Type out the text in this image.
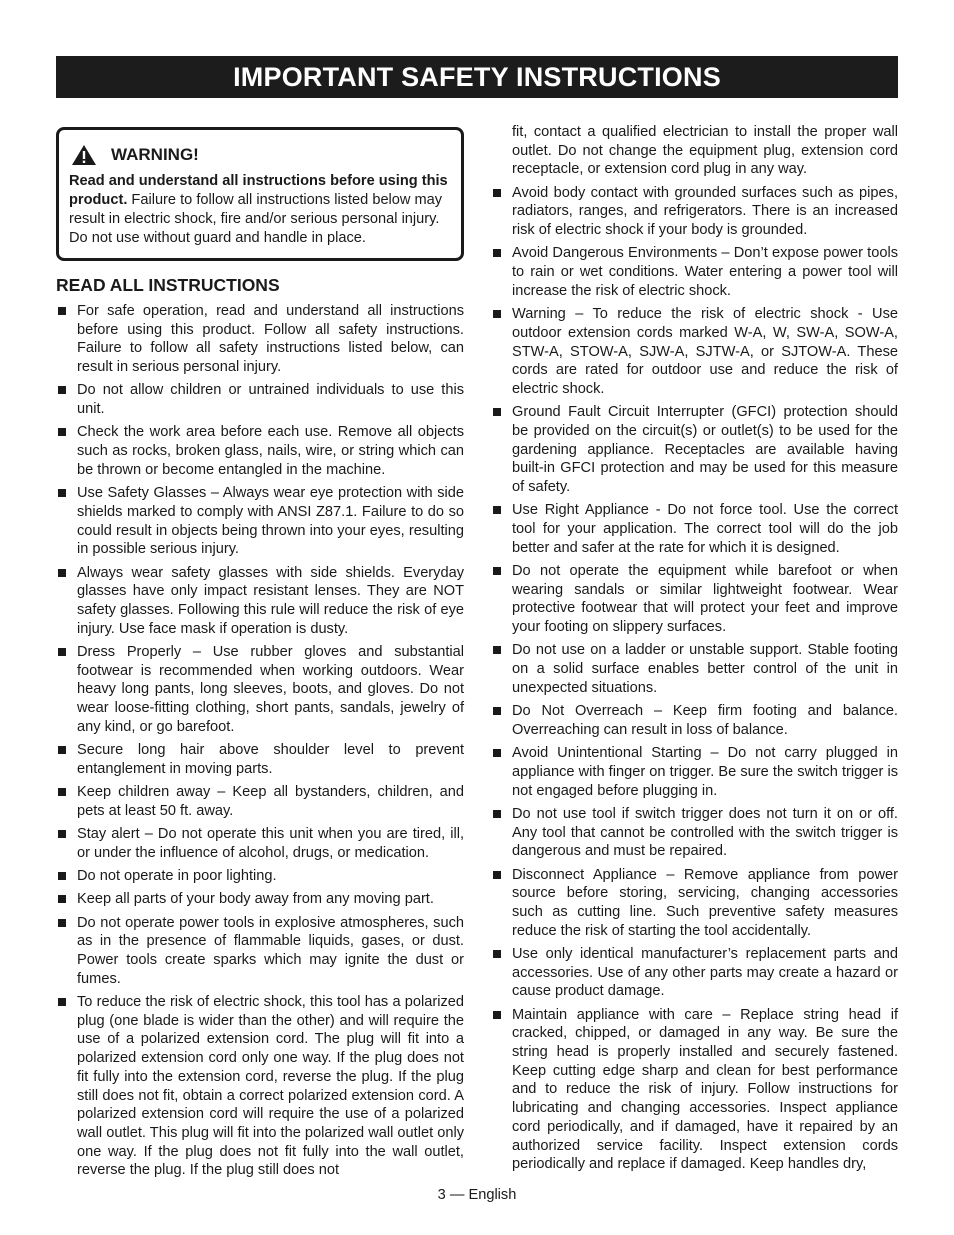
IMPORTANT SAFETY INSTRUCTIONS
WARNING!
Read and understand all instructions before using this product. Failure to follow all instructions listed below may result in electric shock, fire and/or serious personal injury. Do not use without guard and handle in place.
READ ALL INSTRUCTIONS
For safe operation, read and understand all instructions before using this product. Follow all safety instructions. Failure to follow all safety instructions listed below, can result in serious personal injury.
Do not allow children or untrained individuals to use this unit.
Check the work area before each use. Remove all objects such as rocks, broken glass, nails, wire, or string which can be thrown or become entangled in the machine.
Use Safety Glasses – Always wear eye protection with side shields marked to comply with ANSI Z87.1. Failure to do so could result in objects being thrown into your eyes, resulting in possible serious injury.
Always wear safety glasses with side shields. Everyday glasses have only impact resistant lenses. They are NOT safety glasses. Following this rule will reduce the risk of eye injury. Use face mask if operation is dusty.
Dress Properly – Use rubber gloves and substantial footwear is recommended when working outdoors. Wear heavy long pants, long sleeves, boots, and gloves. Do not wear loose-fitting clothing, short pants, sandals, jewelry of any kind, or go barefoot.
Secure long hair above shoulder level to prevent entanglement in moving parts.
Keep children away – Keep all bystanders, children, and pets at least 50 ft. away.
Stay alert – Do not operate this unit when you are tired, ill, or under the influence of alcohol, drugs, or medication.
Do not operate in poor lighting.
Keep all parts of your body away from any moving part.
Do not operate power tools in explosive atmospheres, such as in the presence of flammable liquids, gases, or dust. Power tools create sparks which may ignite the dust or fumes.
To reduce the risk of electric shock, this tool has a polarized plug (one blade is wider than the other) and will require the use of a polarized extension cord. The plug will fit into a polarized extension cord only one way. If the plug does not fit fully into the extension cord, reverse the plug. If the plug still does not fit, obtain a correct polarized extension cord. A polarized extension cord will require the use of a polarized wall outlet. This plug will fit into the polarized wall outlet only one way. If the plug does not fit fully into the wall outlet, reverse the plug. If the plug still does not
fit, contact a qualified electrician to install the proper wall outlet. Do not change the equipment plug, extension cord receptacle, or extension cord plug in any way.
Avoid body contact with grounded surfaces such as pipes, radiators, ranges, and refrigerators. There is an increased risk of electric shock if your body is grounded.
Avoid Dangerous Environments – Don’t expose power tools to rain or wet conditions. Water entering a power tool will increase the risk of electric shock.
Warning – To reduce the risk of electric shock - Use outdoor extension cords marked W-A, W, SW-A, SOW-A, STW-A, STOW-A, SJW-A, SJTW-A, or SJTOW-A. These cords are rated for outdoor use and reduce the risk of electric shock.
Ground Fault Circuit Interrupter (GFCI) protection should be provided on the circuit(s) or outlet(s) to be used for the gardening appliance. Receptacles are available having built-in GFCI protection and may be used for this measure of safety.
Use Right Appliance - Do not force tool. Use the correct tool for your application. The correct tool will do the job better and safer at the rate for which it is designed.
Do not operate the equipment while barefoot or when wearing sandals or similar lightweight footwear. Wear protective footwear that will protect your feet and improve your footing on slippery surfaces.
Do not use on a ladder or unstable support. Stable footing on a solid surface enables better control of the unit in unexpected situations.
Do Not Overreach – Keep firm footing and balance. Overreaching can result in loss of balance.
Avoid Unintentional Starting – Do not carry plugged in appliance with finger on trigger. Be sure the switch trigger is not engaged before plugging in.
Do not use tool if switch trigger does not turn it on or off. Any tool that cannot be controlled with the switch trigger is dangerous and must be repaired.
Disconnect Appliance – Remove appliance from power source before storing, servicing, changing accessories such as cutting line. Such preventive safety measures reduce the risk of starting the tool accidentally.
Use only identical manufacturer’s replacement parts and accessories. Use of any other parts may create a hazard or cause product damage.
Maintain appliance with care – Replace string head if cracked, chipped, or damaged in any way. Be sure the string head is properly installed and securely fastened. Keep cutting edge sharp and clean for best performance and to reduce the risk of injury. Follow instructions for lubricating and changing accessories. Inspect appliance cord periodically, and if damaged, have it repaired by an authorized service facility. Inspect extension cords periodically and replace if damaged. Keep handles dry,
3 — English
